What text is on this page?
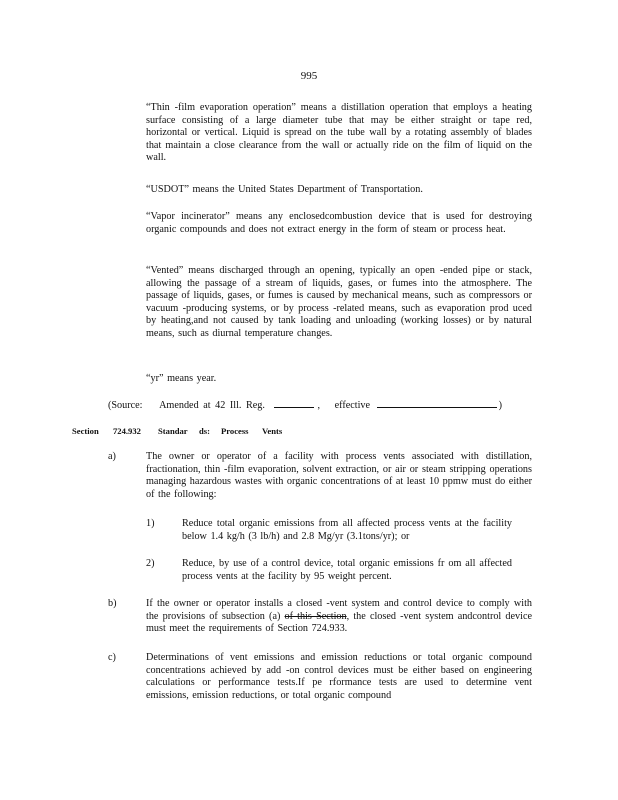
995
“Thin -film evaporation operation” means a distillation operation that employs a heating surface consisting of a large diameter tube that may be either straight or tape red, horizontal or vertical. Liquid is spread on the tube wall by a rotating assembly of blades that maintain a close clearance from the wall or actually ride on the film of liquid on the wall.
“USDOT” means the United States Department of Transportation.
“Vapor incinerator” means any enclosedcombustion device that is used for destroying organic compounds and does not extract energy in the form of steam or process heat.
“Vented” means discharged through an opening, typically an open -ended pipe or stack, allowing the passage of a stream of liquids, gases, or fumes into the atmosphere. The passage of liquids, gases, or fumes is caused by mechanical means, such as compressors or vacuum -producing systems, or by process -related means, such as evaporation prod uced by heating,and not caused by tank loading and unloading (working losses) or by natural means, such as diurnal temperature changes.
“yr” means year.
(Source: Amended at 42 Ill. Reg.	, effective	)
Section 724.932 Standar ds: Process Vents
a)	The owner or operator of a facility with process vents associated with distillation, fractionation, thin -film evaporation, solvent extraction, or air or steam stripping operations managing hazardous wastes with organic concentrations of at least 10 ppmw must do either of the following:
1)	Reduce total organic emissions from all affected process vents at the facility below 1.4 kg/h (3 lb/h) and 2.8 Mg/yr (3.1tons/yr); or
2)	Reduce, by use of a control device, total organic emissions fr om all affected process vents at the facility by 95 weight percent.
b)	If the owner or operator installs a closed -vent system and control device to comply with the provisions of subsection (a) of this Section, the closed -vent system andcontrol device must meet the requirements of Section 724.933.
c)	Determinations of vent emissions and emission reductions or total organic compound concentrations achieved by add -on control devices must be either based on engineering calculations or performance tests.If pe rformance tests are used to determine vent emissions, emission reductions, or total organic compound
